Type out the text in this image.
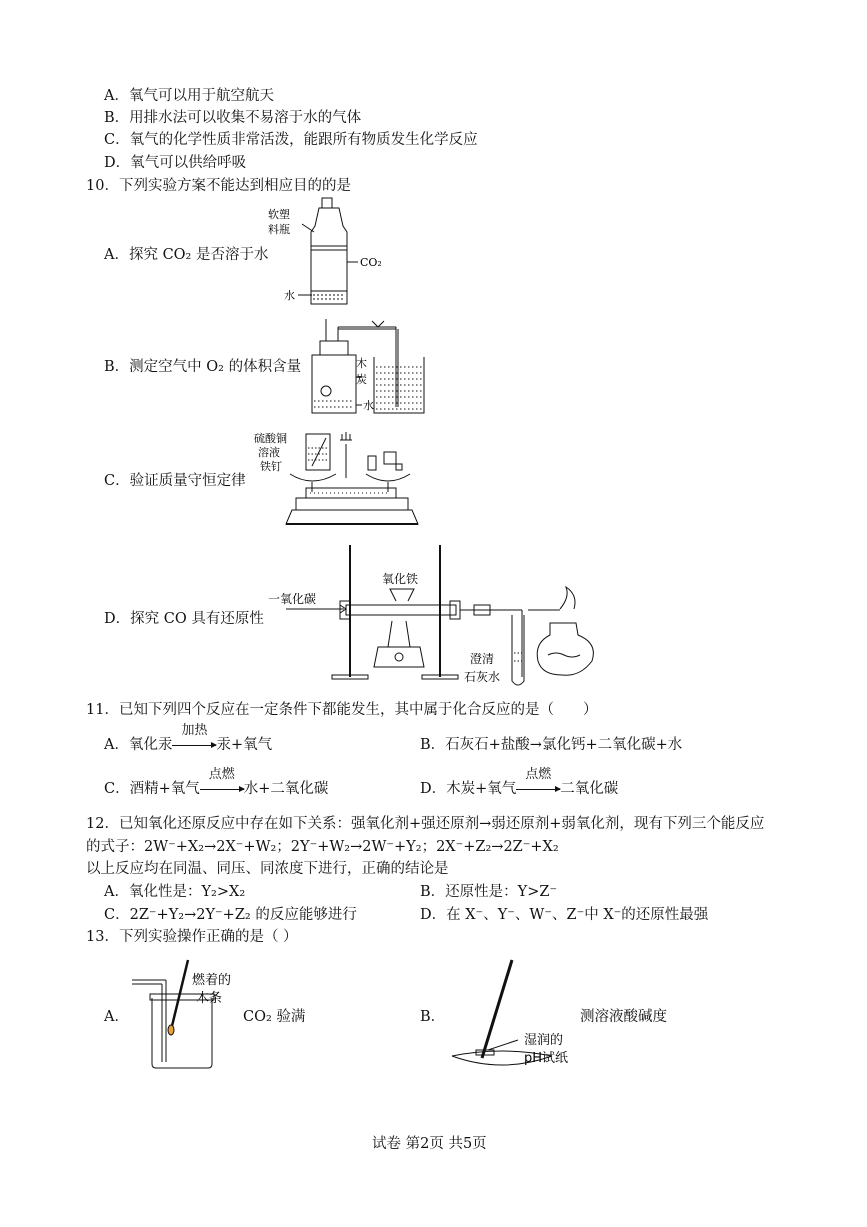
A．氧气可以用于航空航天
B．用排水法可以收集不易溶于水的气体
C．氧气的化学性质非常活泼，能跟所有物质发生化学反应
D．氧气可以供给呼吸
10．下列实验方案不能达到相应目的的是
A．探究 CO₂ 是否溶于水
软塑
料瓶
CO₂
水
B．测定空气中 O₂ 的体积含量	木
炭
水
C．验证质量守恒定律
硫酸铜
溶液
铁钉
D．探究 CO 具有还原性
一氧化碳
氧化铁
澄清
石灰水
11．已知下列四个反应在一定条件下都能发生，其中属于化合反应的是（　　）
A．氧化汞
加热
汞+氧气	B．石灰石+盐酸→氯化钙+二氧化碳+水
C．酒精+氧气
点燃
水+二氧化碳	D．木炭+氧气
点燃
二氧化碳
12．已知氧化还原反应中存在如下关系：强氧化剂+强还原剂→弱还原剂+弱氧化剂，现有下列三个能反应
的式子：2W⁻+X₂→2X⁻+W₂；2Y⁻+W₂→2W⁻+Y₂；2X⁻+Z₂→2Z⁻+X₂
以上反应均在同温、同压、同浓度下进行，正确的结论是
A．氧化性是：Y₂>X₂	B．还原性是：Y>Z⁻
C．2Z⁻+Y₂→2Y⁻+Z₂ 的反应能够进行	D．在 X⁻、Y⁻、W⁻、Z⁻中 X⁻的还原性最强
13．下列实验操作正确的是（ ）
A．
燃着的
木条
CO₂ 验满	B．
湿润的
pH试纸
测溶液酸碱度
试卷 第2页 共5页
